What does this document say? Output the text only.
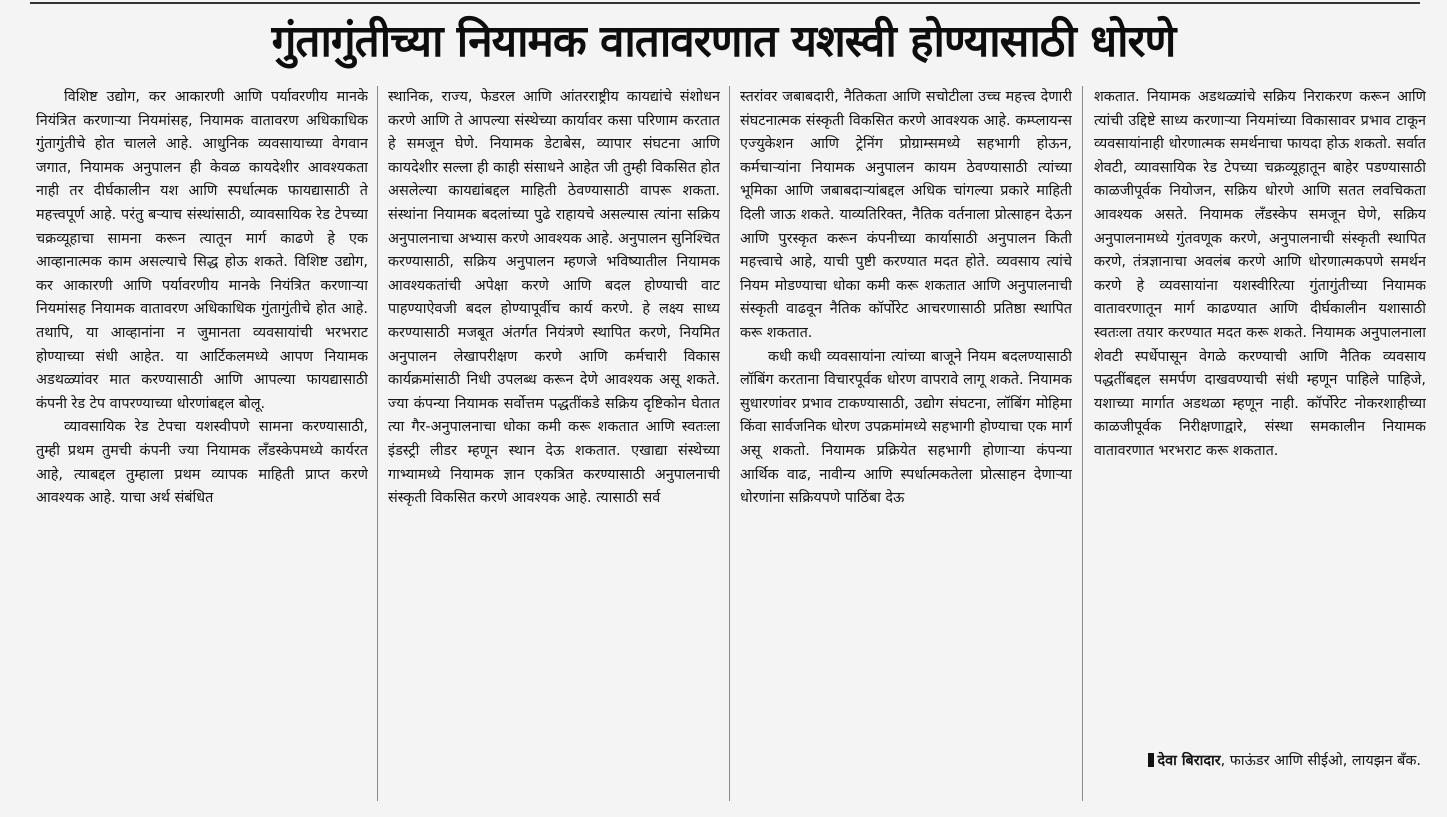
गुंतागुंतीच्या नियामक वातावरणात यशस्वी होण्यासाठी धोरणे

विशिष्ट उद्योग, कर आकारणी आणि पर्यावरणीय मानके नियंत्रित करणाऱ्या नियमांसह, नियामक वातावरण अधिकाधिक गुंतागुंतीचे होत चालले आहे. आधुनिक व्यवसायाच्या वेगवान जगात, नियामक अनुपालन ही केवळ कायदेशीर आवश्यकता नाही तर दीर्घकालीन यश आणि स्पर्धात्मक फायद्यासाठी ते महत्त्वपूर्ण आहे. परंतु बऱ्याच संस्थांसाठी, व्यावसायिक रेड टेपच्या चक्रव्यूहाचा सामना करून त्यातून मार्ग काढणे हे एक आव्हानात्मक काम असल्याचे सिद्ध होऊ शकते. विशिष्ट उद्योग, कर आकारणी आणि पर्यावरणीय मानके नियंत्रित करणाऱ्या नियमांसह नियामक वातावरण अधिकाधिक गुंतागुंतीचे होत आहे. तथापि, या आव्हानांना न जुमानता व्यवसायांची भरभराट होण्याच्या संधी आहेत. या आर्टिकलमध्ये आपण नियामक अडथळ्यांवर मात करण्यासाठी आणि आपल्या फायद्यासाठी कंपनी रेड टेप वापरण्याच्या धोरणांबद्दल बोलू.

व्यावसायिक रेड टेपचा यशस्वीपणे सामना करण्यासाठी, तुम्ही प्रथम तुमची कंपनी ज्या नियामक लँडस्केपमध्ये कार्यरत आहे, त्याबद्दल तुम्हाला प्रथम व्यापक माहिती प्राप्त करणे आवश्यक आहे. याचा अर्थ संबंधित

स्थानिक, राज्य, फेडरल आणि आंतरराष्ट्रीय कायद्यांचे संशोधन करणे आणि ते आपल्या संस्थेच्या कार्यावर कसा परिणाम करतात हे समजून घेणे. नियामक डेटाबेस, व्यापार संघटना आणि कायदेशीर सल्ला ही काही संसाधने आहेत जी तुम्ही विकसित होत असलेल्या कायद्यांबद्दल माहिती ठेवण्यासाठी वापरू शकता. संस्थांना नियामक बदलांच्या पुढे राहायचे असल्यास त्यांना सक्रिय अनुपालनाचा अभ्यास करणे आवश्यक आहे. अनुपालन सुनिश्चित करण्यासाठी, सक्रिय अनुपालन म्हणजे भविष्यातील नियामक आवश्यकतांची अपेक्षा करणे आणि बदल होण्याची वाट पाहण्याऐवजी बदल होण्यापूर्वीच कार्य करणे. हे लक्ष्य साध्य करण्यासाठी मजबूत अंतर्गत नियंत्रणे स्थापित करणे, नियमित अनुपालन लेखापरीक्षण करणे आणि कर्मचारी विकास कार्यक्रमांसाठी निधी उपलब्ध करून देणे आवश्यक असू शकते. ज्या कंपन्या नियामक सर्वोत्तम पद्धतींकडे सक्रिय दृष्टिकोन घेतात त्या गैर-अनुपालनाचा धोका कमी करू शकतात आणि स्वतःला इंडस्ट्री लीडर म्हणून स्थान देऊ शकतात. एखाद्या संस्थेच्या गाभ्यामध्ये नियामक ज्ञान एकत्रित करण्यासाठी अनुपालनाची संस्कृती विकसित करणे आवश्यक आहे. त्यासाठी सर्व

स्तरांवर जबाबदारी, नैतिकता आणि सचोटीला उच्च महत्त्व देणारी संघटनात्मक संस्कृती विकसित करणे आवश्यक आहे. कम्प्लायन्स एज्युकेशन आणि ट्रेनिंग प्रोग्राम्समध्ये सहभागी होऊन, कर्मचाऱ्यांना नियामक अनुपालन कायम ठेवण्यासाठी त्यांच्या भूमिका आणि जबाबदाऱ्यांबद्दल अधिक चांगल्या प्रकारे माहिती दिली जाऊ शकते. याव्यतिरिक्त, नैतिक वर्तनाला प्रोत्साहन देऊन आणि पुरस्कृत करून कंपनीच्या कार्यासाठी अनुपालन किती महत्त्वाचे आहे, याची पुष्टी करण्यात मदत होते. व्यवसाय त्यांचे नियम मोडण्याचा धोका कमी करू शकतात आणि अनुपालनाची संस्कृती वाढवून नैतिक कॉर्पोरेट आचरणासाठी प्रतिष्ठा स्थापित करू शकतात.

कधी कधी व्यवसायांना त्यांच्या बाजूने नियम बदलण्यासाठी लॉबिंग करताना विचारपूर्वक धोरण वापरावे लागू शकते. नियामक सुधारणांवर प्रभाव टाकण्यासाठी, उद्योग संघटना, लॉबिंग मोहिमा किंवा सार्वजनिक धोरण उपक्रमांमध्ये सहभागी होण्याचा एक मार्ग असू शकतो. नियामक प्रक्रियेत सहभागी होणाऱ्या कंपन्या आर्थिक वाढ, नावीन्य आणि स्पर्धात्मकतेला प्रोत्साहन देणाऱ्या धोरणांना सक्रियपणे पाठिंबा देऊ

शकतात. नियामक अडथळ्यांचे सक्रिय निराकरण करून आणि त्यांची उद्दिष्टे साध्य करणाऱ्या नियमांच्या विकासावर प्रभाव टाकून व्यवसायांनाही धोरणात्मक समर्थनाचा फायदा होऊ शकतो. सर्वात शेवटी, व्यावसायिक रेड टेपच्या चक्रव्यूहातून बाहेर पडण्यासाठी काळजीपूर्वक नियोजन, सक्रिय धोरणे आणि सतत लवचिकता आवश्यक असते. नियामक लँडस्केप समजून घेणे, सक्रिय अनुपालनामध्ये गुंतवणूक करणे, अनुपालनाची संस्कृती स्थापित करणे, तंत्रज्ञानाचा अवलंब करणे आणि धोरणात्मकपणे समर्थन करणे हे व्यवसायांना यशस्वीरित्या गुंतागुंतीच्या नियामक वातावरणातून मार्ग काढण्यात आणि दीर्घकालीन यशासाठी स्वतःला तयार करण्यात मदत करू शकते. नियामक अनुपालनाला शेवटी स्पर्धेपासून वेगळे करण्याची आणि नैतिक व्यवसाय पद्धतींबद्दल समर्पण दाखवण्याची संधी म्हणून पाहिले पाहिजे, यशाच्या मार्गात अडथळा म्हणून नाही. कॉर्पोरेट नोकरशाहीच्या काळजीपूर्वक निरीक्षणाद्वारे, संस्था समकालीन नियामक वातावरणात भरभराट करू शकतात.

देवा बिरादार, फाऊंडर आणि सीईओ, लायझन बँक.
